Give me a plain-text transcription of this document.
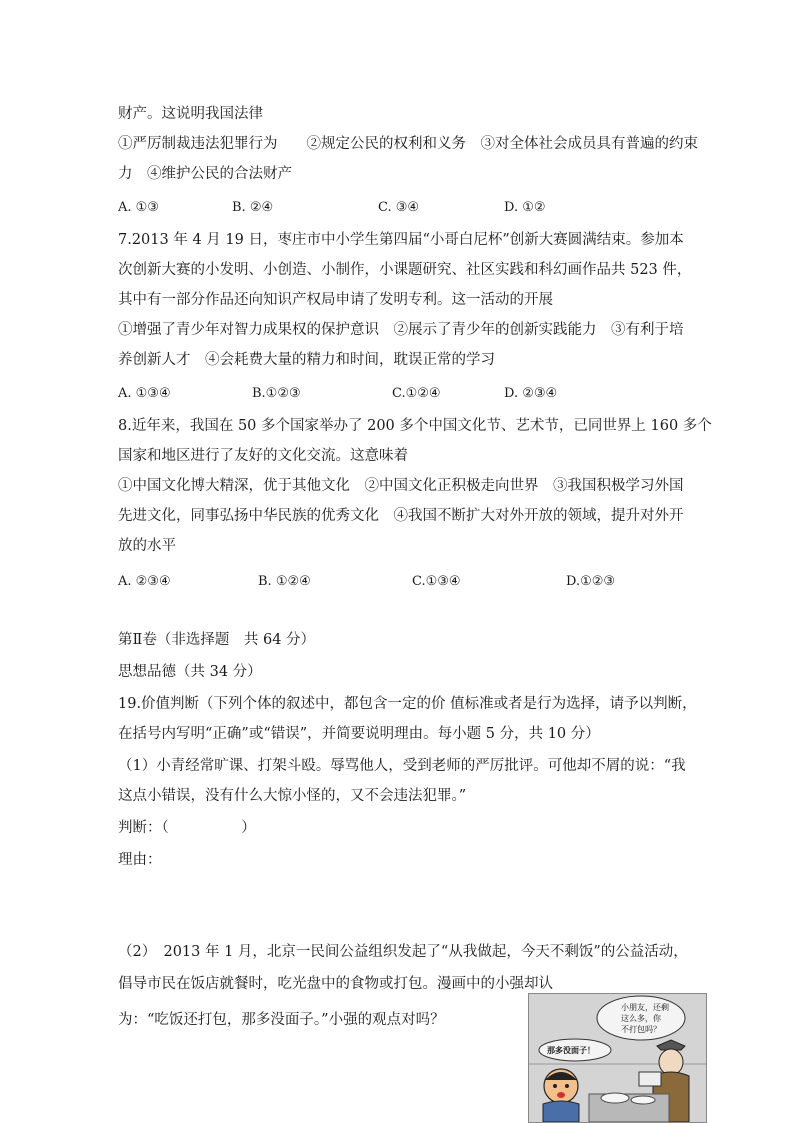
财产。这说明我国法律
①严厉制裁违法犯罪行为　　②规定公民的权利和义务　③对全体社会成员具有普遍的约束
力　④维护公民的合法财产
A. ①③	B. ②④	C. ③④	D. ①②
7.2013 年 4 月 19 日，枣庄市中小学生第四届“小哥白尼杯”创新大赛圆满结束。参加本
次创新大赛的小发明、小创造、小制作，小课题研究、社区实践和科幻画作品共 523 件，
其中有一部分作品还向知识产权局申请了发明专利。这一活动的开展
①增强了青少年对智力成果权的保护意识　②展示了青少年的创新实践能力　③有利于培
养创新人才　④会耗费大量的精力和时间，耽误正常的学习
A. ①③④	B.①②③	C.①②④	D. ②③④
8.近年来，我国在 50 多个国家举办了 200 多个中国文化节、艺术节，已同世界上 160 多个
国家和地区进行了友好的文化交流。这意味着
①中国文化博大精深，优于其他文化　②中国文化正积极走向世界　③我国积极学习外国
先进文化，同事弘扬中华民族的优秀文化　④我国不断扩大对外开放的领域，提升对外开
放的水平
A. ②③④	B. ①②④	C.①③④	D.①②③
第Ⅱ卷（非选择题　共 64 分）
思想品德（共 34 分）
19.价值判断（下列个体的叙述中，都包含一定的价 值标准或者是行为选择，请予以判断，
在括号内写明“正确”或“错误”，并简要说明理由。每小题 5 分，共 10 分）
（1）小青经常旷课、打架斗殴。辱骂他人，受到老师的严厉批评。可他却不屑的说：“我
这点小错误，没有什么大惊小怪的，又不会违法犯罪。”
判断：（　　　　　）
理由：
（2）　2013 年 1 月，北京一民间公益组织发起了“从我做起，今天不剩饭”的公益活动，
倡导市民在饭店就餐时，吃光盘中的食物或打包。漫画中的小强却认
为：“吃饭还打包，那多没面子。”小强的观点对吗？
小朋友，还剩
这么多，你
不打包吗？
那多没面子！
